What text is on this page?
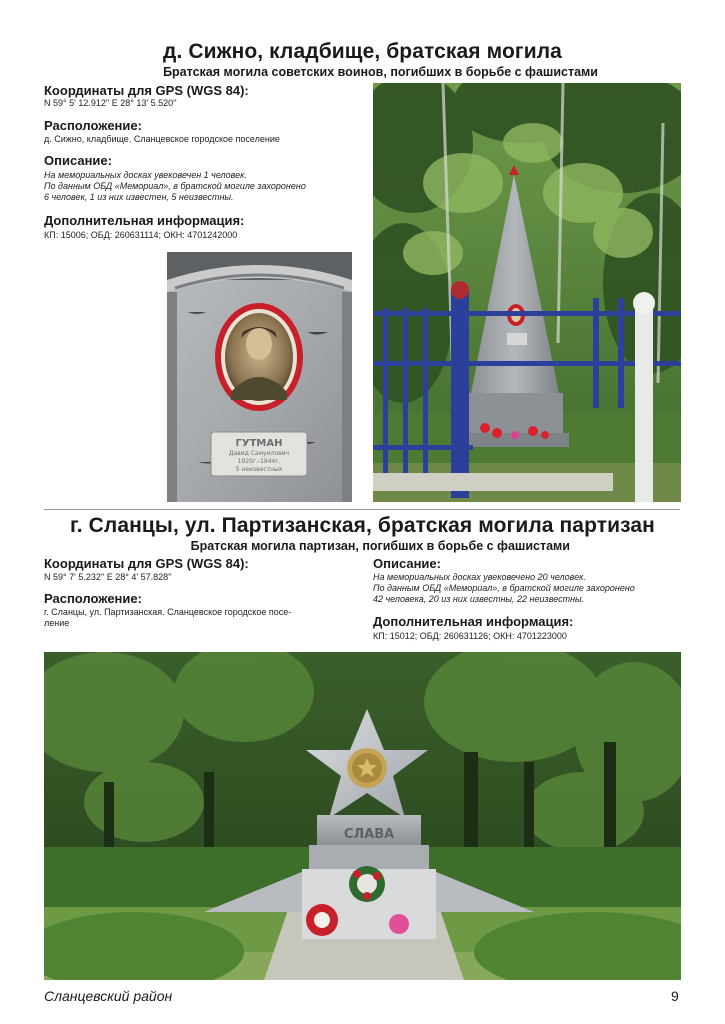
д. Сижно, кладбище, братская могила
Братская могила советских воинов, погибших в борьбе с фашистами
Координаты для GPS (WGS 84):
N 59° 5' 12.912'' E 28° 13' 5.520''
Расположение:
д. Сижно, кладбище. Сланцевское городское поселение
Описание:
На мемориальных досках увековечен 1 человек.
По данным ОБД «Мемориал», в братской могиле захоронено
6 человек, 1 из них известен, 5 неизвестны.
Дополнительная информация:
КП: 15006; ОБД: 260631114; ОКН: 4701242000
ГУТМАН
Давид Самуилович
1920г.-1944г.
5 неизвестных
г. Сланцы, ул. Партизанская, братская могила партизан
Братская могила партизан, погибших в борьбе с фашистами
Координаты для GPS (WGS 84):
N 59° 7' 5.232'' E 28° 4' 57.828''
Расположение:
г. Сланцы, ул. Партизанская. Сланцевское городское посе-
ление
Описание:
На мемориальных досках увековечено 20 человек.
По данным ОБД «Мемориал», в братской могиле захоронено
42 человека, 20 из них известны, 22 неизвестны.
Дополнительная информация:
КП: 15012; ОБД: 260631126; ОКН: 4701223000
СЛАВА
Сланцевский район	9
